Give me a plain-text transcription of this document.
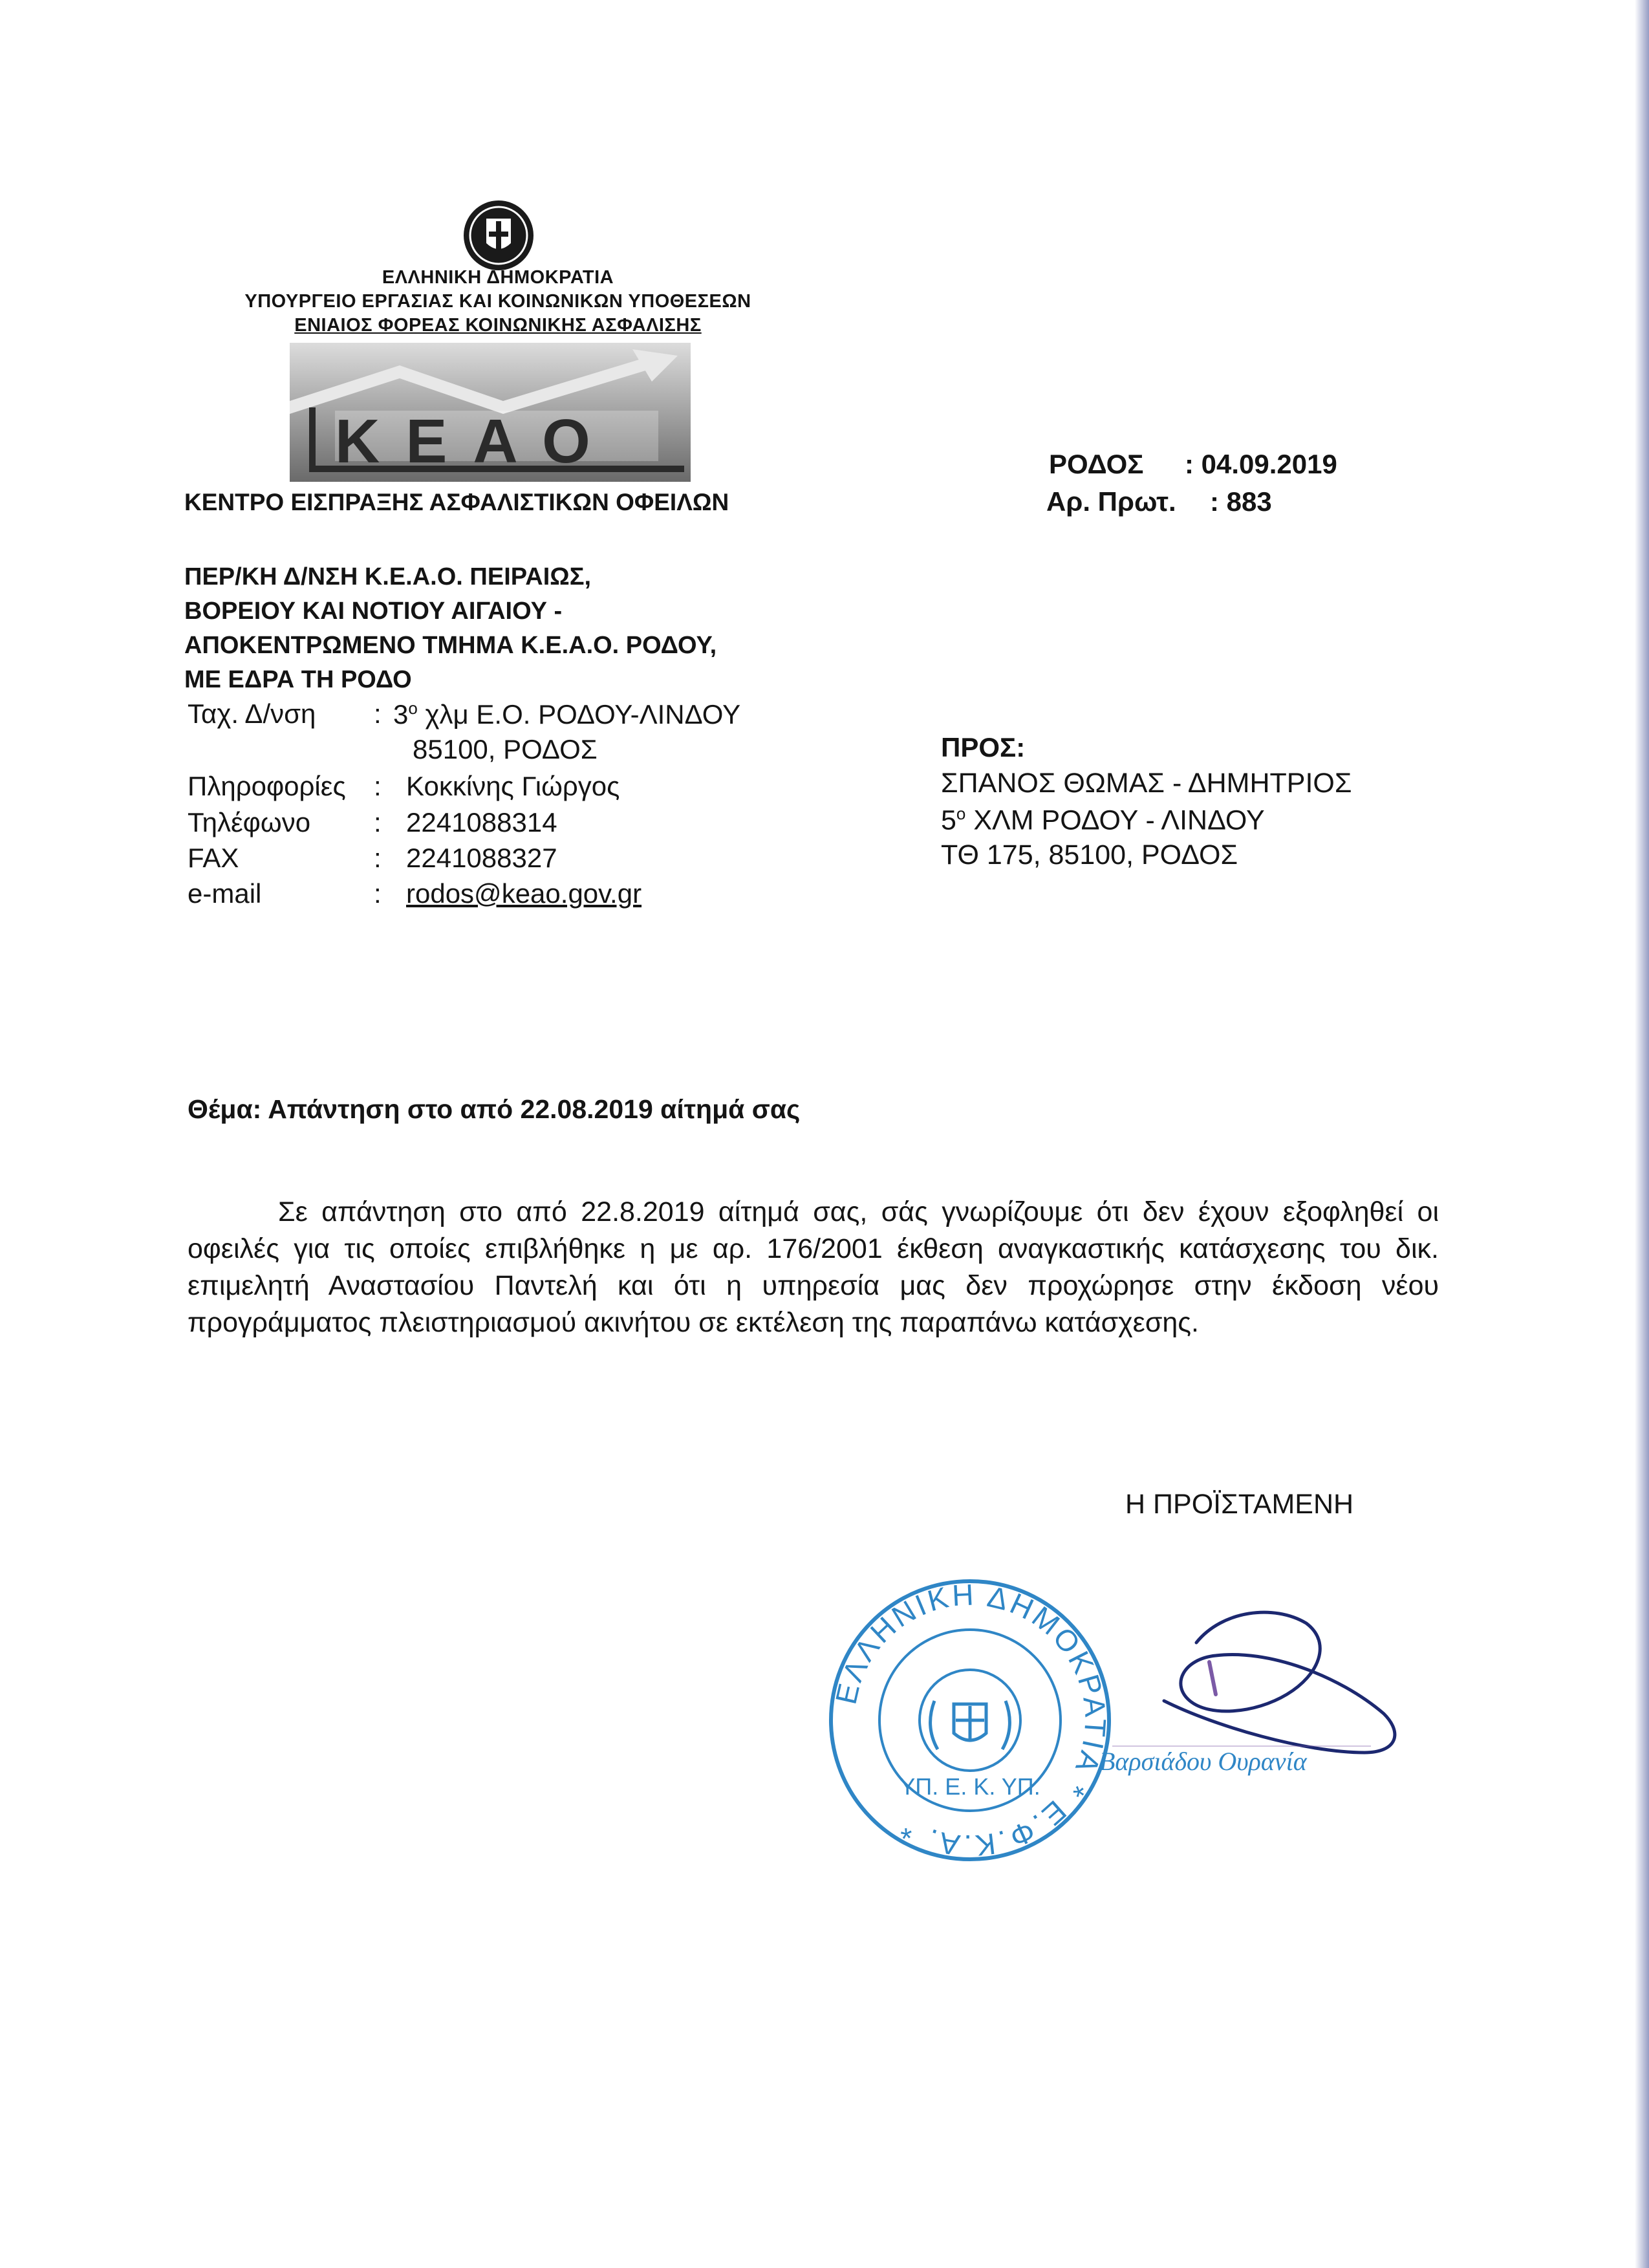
ΕΛΛΗΝΙΚΗ ΔΗΜΟΚΡΑΤΙΑ
ΥΠΟΥΡΓΕΙΟ ΕΡΓΑΣΙΑΣ ΚΑΙ ΚΟΙΝΩΝΙΚΩΝ ΥΠΟΘΕΣΕΩΝ
ΕΝΙΑΙΟΣ ΦΟΡΕΑΣ ΚΟΙΝΩΝΙΚΗΣ ΑΣΦΑΛΙΣΗΣ
ΚΕΑΟ
ΚΕΝΤΡΟ ΕΙΣΠΡΑΞΗΣ ΑΣΦΑΛΙΣΤΙΚΩΝ ΟΦΕΙΛΩΝ
ΡΟΔΟΣ : 04.09.2019
Αρ. Πρωτ. : 883
ΠΕΡ/ΚΗ Δ/ΝΣΗ Κ.Ε.Α.Ο. ΠΕΙΡΑΙΩΣ,
ΒΟΡΕΙΟΥ ΚΑΙ ΝΟΤΙΟΥ ΑΙΓΑΙΟΥ -
ΑΠΟΚΕΝΤΡΩΜΕΝΟ ΤΜΗΜΑ Κ.Ε.Α.Ο. ΡΟΔΟΥ,
ΜΕ ΕΔΡΑ ΤΗ ΡΟΔΟ
Ταχ. Δ/νση : $3^o$ χλμ Ε.Ο. ΡΟΔΟΥ-ΛΙΝΔΟΥ
85100, ΡΟΔΟΣ
Πληροφορίες : Κοκκίνης Γιώργος
Τηλέφωνο : 2241088314
FAX	: 2241088327
e-mail	: rodos@keao.gov.gr
ΠΡΟΣ:
ΣΠΑΝΟΣ ΘΩΜΑΣ - ΔΗΜΗΤΡΙΟΣ
$5^o$ ΧΛΜ ΡΟΔΟΥ - ΛΙΝΔΟΥ
ΤΘ 175, 85100, ΡΟΔΟΣ
Θέμα: Απάντηση στο από 22.08.2019 αίτημά σας
Σε απάντηση στο από 22.8.2019 αίτημά σας, σάς γνωρίζουμε ότι δεν έχουν εξοφληθεί οι οφειλές για τις οποίες επιβλήθηκε η με αρ. 176/2001 έκθεση αναγκαστικής κατάσχεσης του δικ. επιμελητή Αναστασίου Παντελή και ότι η υπηρεσία μας δεν προχώρησε στην έκδοση νέου προγράμματος πλειστηριασμού ακινήτου σε εκτέλεση της παραπάνω κατάσχεσης.
Η ΠΡΟΪΣΤΑΜΕΝΗ
ΕΛΛΗΝΙΚΗ ΔΗΜΟΚΡΑΤΙΑ * Ε.Φ.Κ.Α. *
ΥΠ. Ε. Κ. ΥΠ.
Βαρσιάδου Ουρανία
